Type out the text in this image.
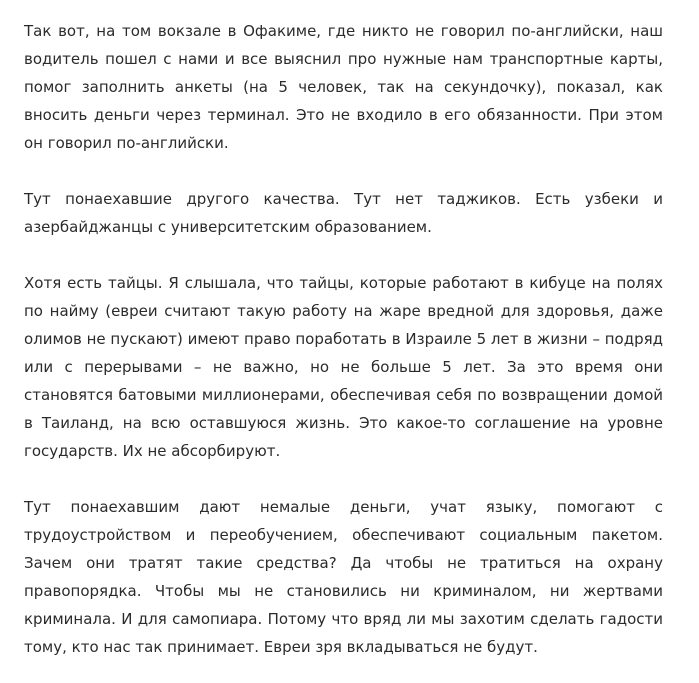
Так вот, на том вокзале в Офакиме, где никто не говорил по-английски, наш водитель пошел с нами и все выяснил про нужные нам транспортные карты, помог заполнить анкеты (на 5 человек, так на секундочку), показал, как вносить деньги через терминал. Это не входило в его обязанности. При этом он говорил по-английски.

Тут понаехавшие другого качества. Тут нет таджиков. Есть узбеки и азербайджанцы с университетским образованием.

Хотя есть тайцы. Я слышала, что тайцы, которые работают в кибуце на полях по найму (евреи считают такую работу на жаре вредной для здоровья, даже олимов не пускают) имеют право поработать в Израиле 5 лет в жизни – подряд или с перерывами – не важно, но не больше 5 лет. За это время они становятся батовыми миллионерами, обеспечивая себя по возвращении домой в Таиланд, на всю оставшуюся жизнь. Это какое-то соглашение на уровне государств. Их не абсорбируют.

Тут понаехавшим дают немалые деньги, учат языку, помогают с трудоустройством и переобучением, обеспечивают социальным пакетом. Зачем они тратят такие средства? Да чтобы не тратиться на охрану правопорядка. Чтобы мы не становились ни криминалом, ни жертвами криминала. И для самопиара. Потому что вряд ли мы захотим сделать гадости тому, кто нас так принимает. Евреи зря вкладываться не будут.
